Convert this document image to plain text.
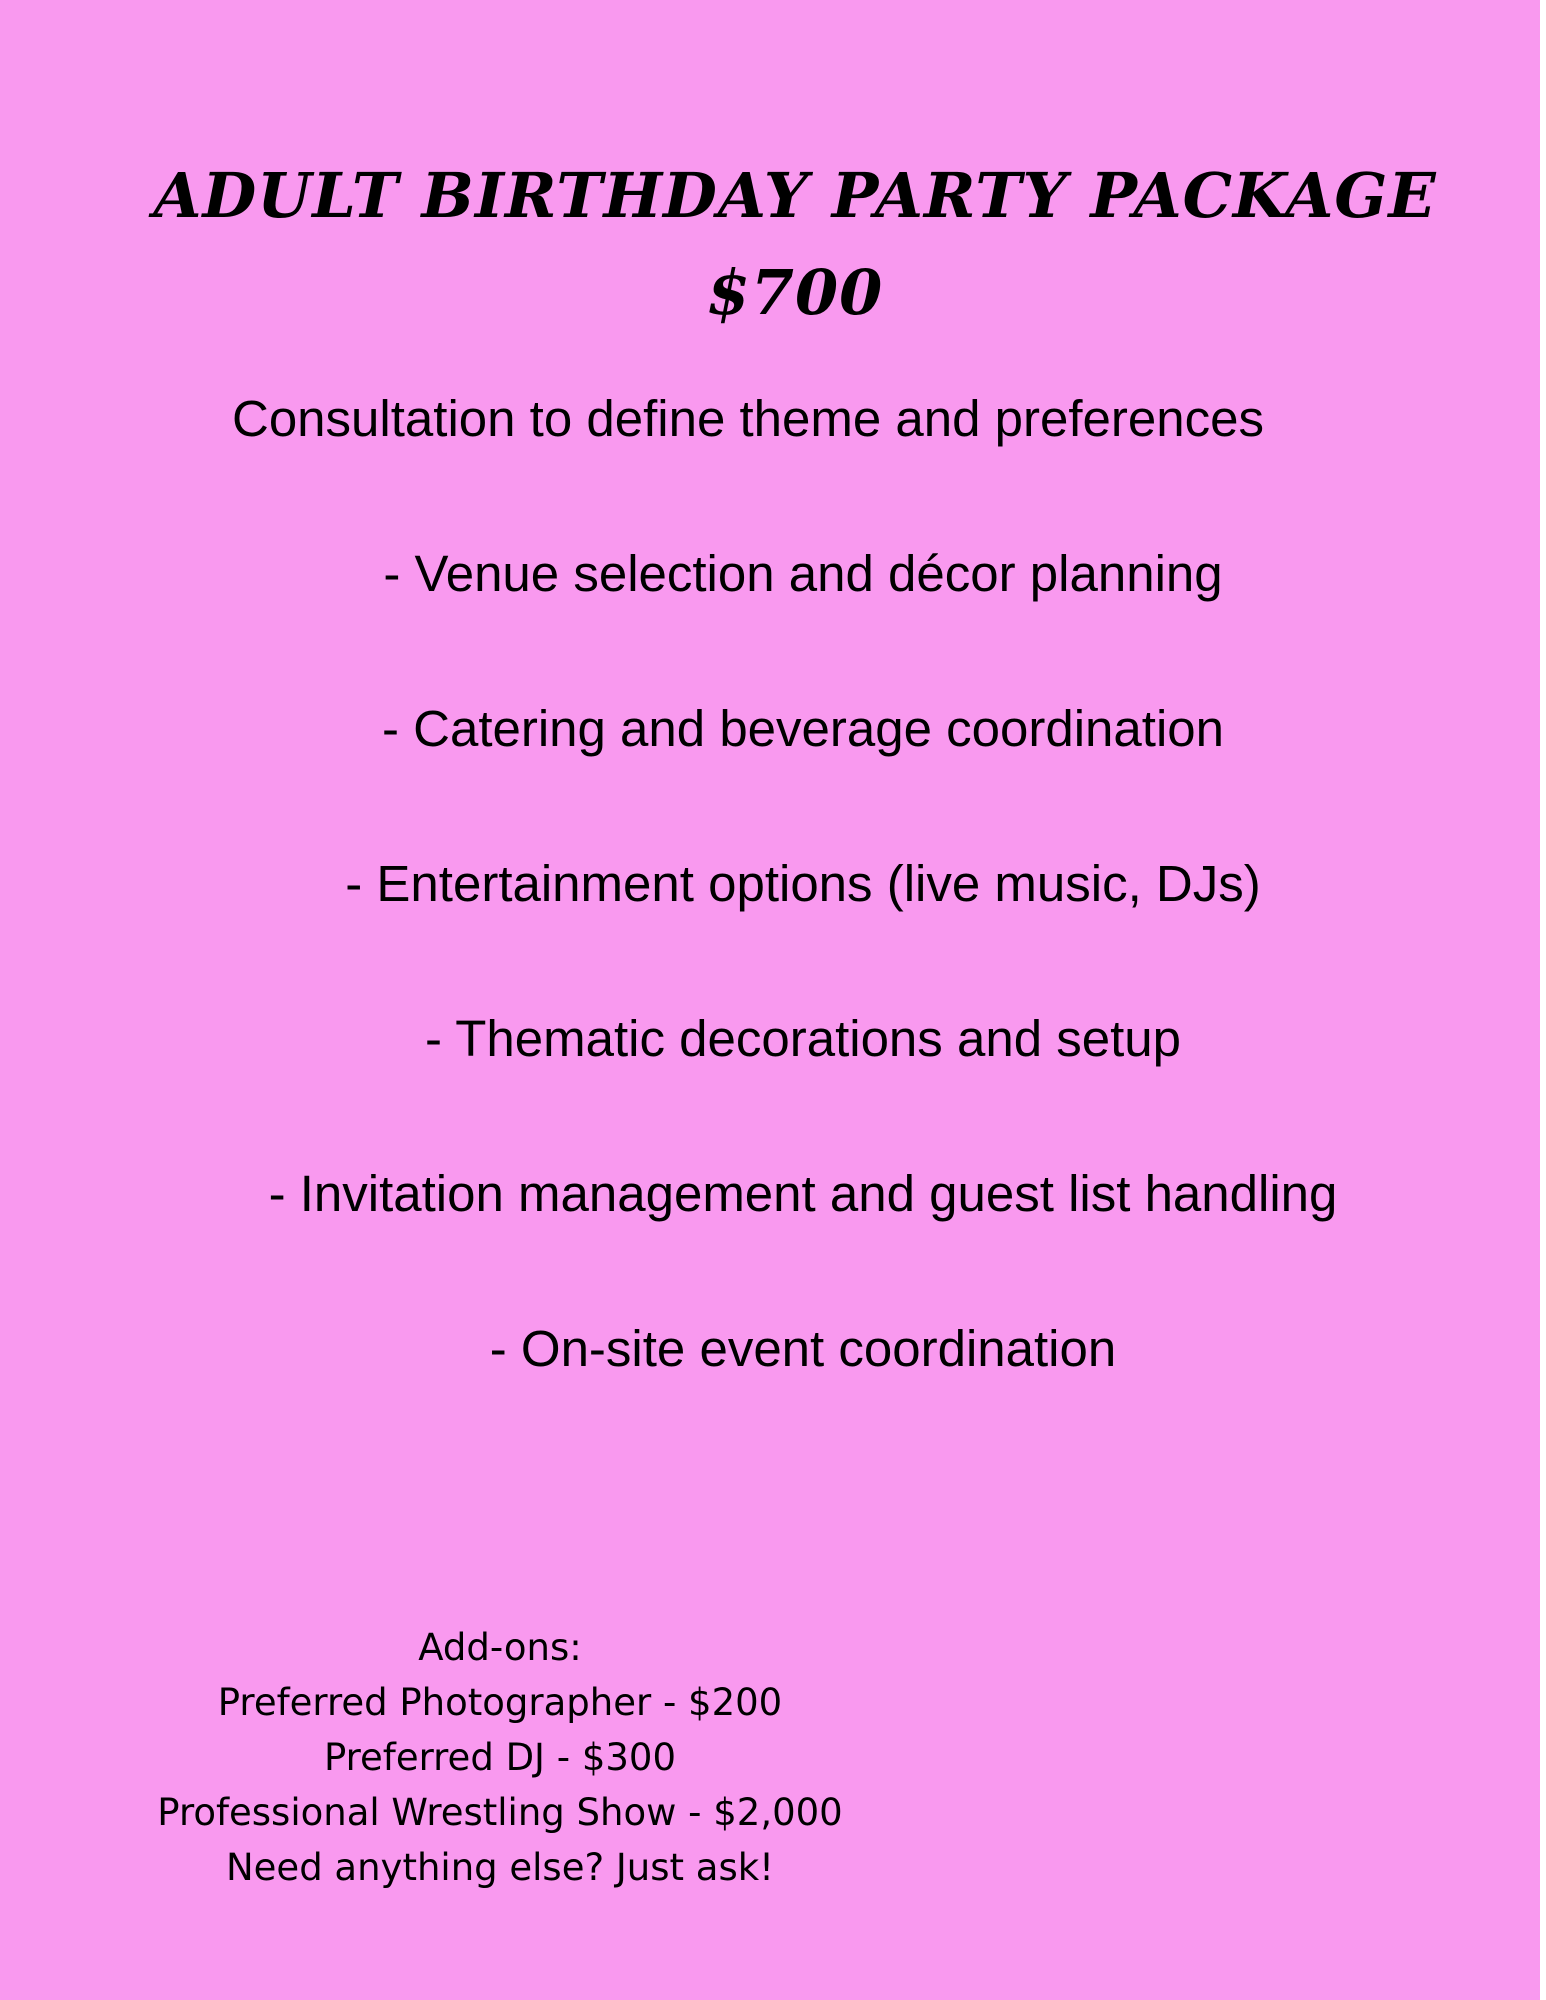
ADULT BIRTHDAY PARTY PACKAGE
$700
Consultation to define theme and preferences
- Venue selection and décor planning
- Catering and beverage coordination
- Entertainment options (live music, DJs)
- Thematic decorations and setup
- Invitation management and guest list handling
- On-site event coordination
Add-ons:
Preferred Photographer - $200
Preferred DJ - $300
Professional Wrestling Show - $2,000
Need anything else? Just ask!
